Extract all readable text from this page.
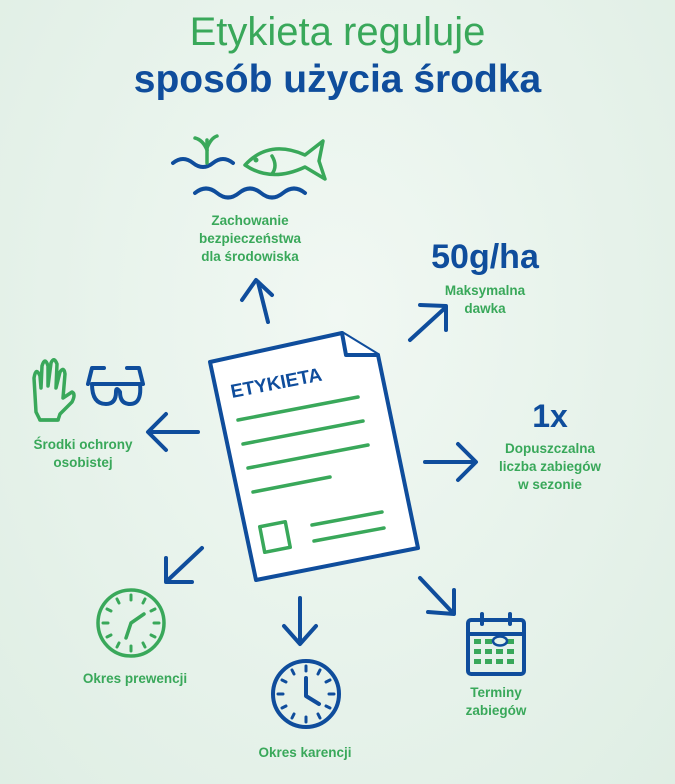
Etykieta reguluje
sposób użycia środka
ETYKIETA
Zachowanie
bezpieczeństwa
dla środowiska	50g/ha
Maksymalna
dawka
1x
Dopuszczalna
liczba zabiegów
w sezonie
Środki ochrony
osobistej
Okres prewencji
Okres karencji
Terminy
zabiegów
